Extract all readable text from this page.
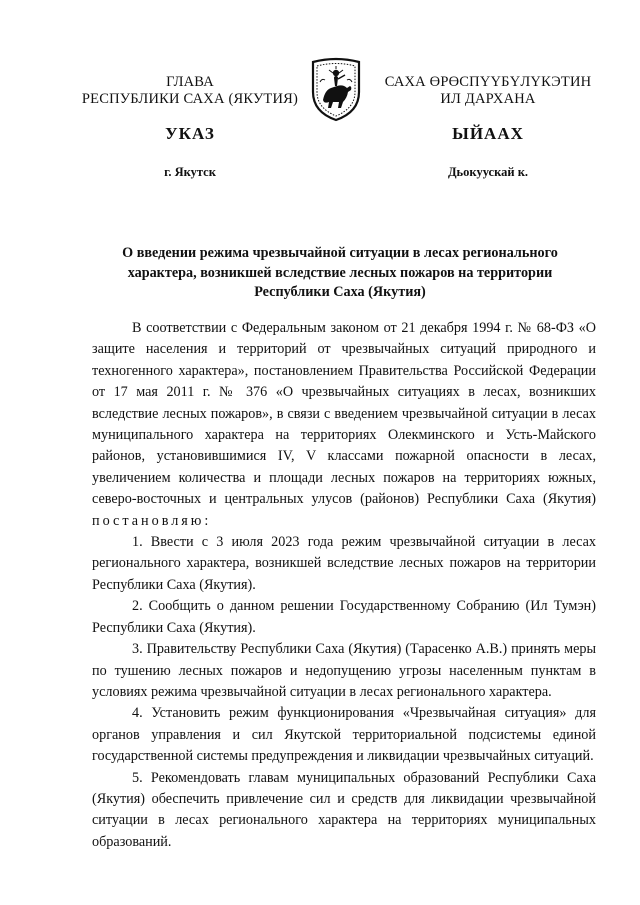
ГЛАВА
РЕСПУБЛИКИ САХА (ЯКУТИЯ)
САХА ӨРӨСПҮҮБҮЛҮКЭТИН
ИЛ ДАРХАНА
УКАЗ	ЫЙААХ
г. Якутск	Дьокуускай к.
О введении режима чрезвычайной ситуации в лесах регионального характера, возникшей вследствие лесных пожаров на территории Республики Саха (Якутия)

В соответствии с Федеральным законом от 21 декабря 1994 г. № 68-ФЗ «О защите населения и территорий от чрезвычайных ситуаций природного и техногенного характера», постановлением Правительства Российской Федерации от 17 мая 2011 г. № 376 «О чрезвычайных ситуациях в лесах, возникших вследствие лесных пожаров», в связи с введением чрезвычайной ситуации в лесах муниципального характера на территориях Олекминского и Усть-Майского районов, установившимися IV, V классами пожарной опасности в лесах, увеличением количества и площади лесных пожаров на территориях южных, северо-восточных и центральных улусов (районов) Республики Саха (Якутия) постановляю:

1. Ввести с 3 июля 2023 года режим чрезвычайной ситуации в лесах регионального характера, возникшей вследствие лесных пожаров на территории Республики Саха (Якутия).

2. Сообщить о данном решении Государственному Собранию (Ил Тумэн) Республики Саха (Якутия).

3. Правительству Республики Саха (Якутия) (Тарасенко А.В.) принять меры по тушению лесных пожаров и недопущению угрозы населенным пунктам в условиях режима чрезвычайной ситуации в лесах регионального характера.

4. Установить режим функционирования «Чрезвычайная ситуация» для органов управления и сил Якутской территориальной подсистемы единой государственной системы предупреждения и ликвидации чрезвычайных ситуаций.

5. Рекомендовать главам муниципальных образований Республики Саха (Якутия) обеспечить привлечение сил и средств для ликвидации чрезвычайной ситуации в лесах регионального характера на территориях муниципальных образований.
